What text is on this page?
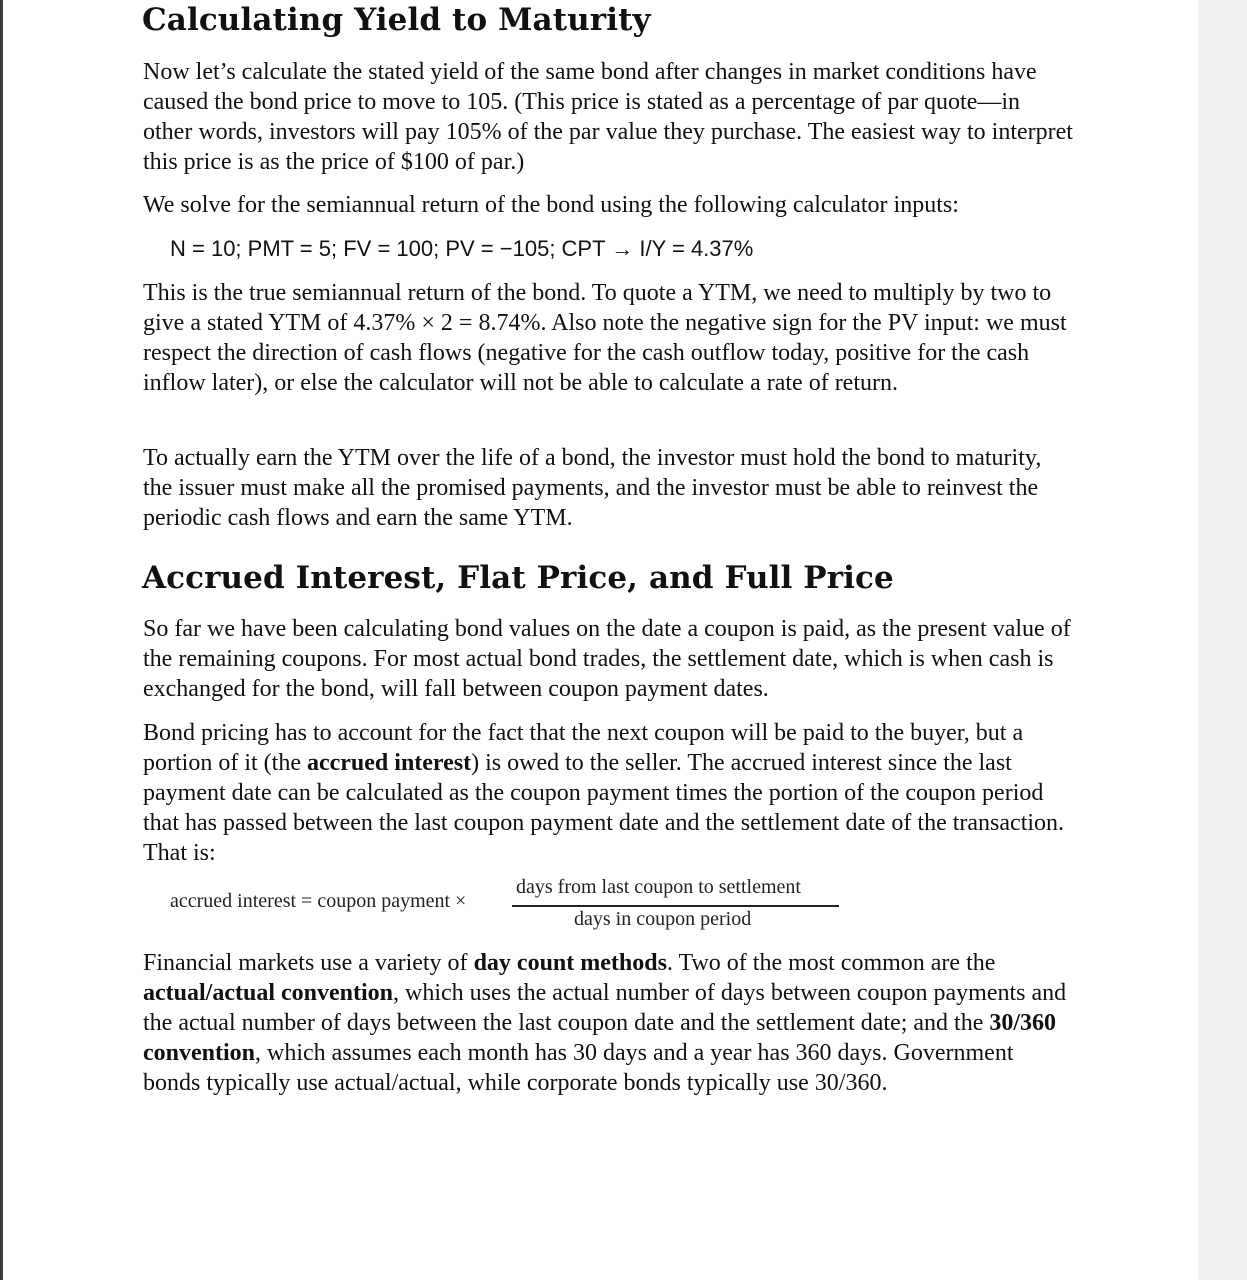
Calculating Yield to Maturity

Now let’s calculate the stated yield of the same bond after changes in market conditions have caused the bond price to move to 105. (This price is stated as a percentage of par quote—in other words, investors will pay 105% of the par value they purchase. The easiest way to interpret this price is as the price of $100 of par.)

We solve for the semiannual return of the bond using the following calculator inputs:

N = 10; PMT = 5; FV = 100; PV = −105; CPT → I/Y = 4.37%

This is the true semiannual return of the bond. To quote a YTM, we need to multiply by two to give a stated YTM of 4.37% × 2 = 8.74%. Also note the negative sign for the PV input: we must respect the direction of cash flows (negative for the cash outflow today, positive for the cash inflow later), or else the calculator will not be able to calculate a rate of return.

To actually earn the YTM over the life of a bond, the investor must hold the bond to maturity, the issuer must make all the promised payments, and the investor must be able to reinvest the periodic cash flows and earn the same YTM.

Accrued Interest, Flat Price, and Full Price

So far we have been calculating bond values on the date a coupon is paid, as the present value of the remaining coupons. For most actual bond trades, the settlement date, which is when cash is exchanged for the bond, will fall between coupon payment dates.

Bond pricing has to account for the fact that the next coupon will be paid to the buyer, but a portion of it (the accrued interest) is owed to the seller. The accrued interest since the last payment date can be calculated as the coupon payment times the portion of the coupon period that has passed between the last coupon payment date and the settlement date of the transaction. That is:

accrued interest = coupon payment ×
days from last coupon to settlement
days in coupon period

Financial markets use a variety of day count methods. Two of the most common are the actual/actual convention, which uses the actual number of days between coupon payments and the actual number of days between the last coupon date and the settlement date; and the 30/360 convention, which assumes each month has 30 days and a year has 360 days. Government bonds typically use actual/actual, while corporate bonds typically use 30/360.
